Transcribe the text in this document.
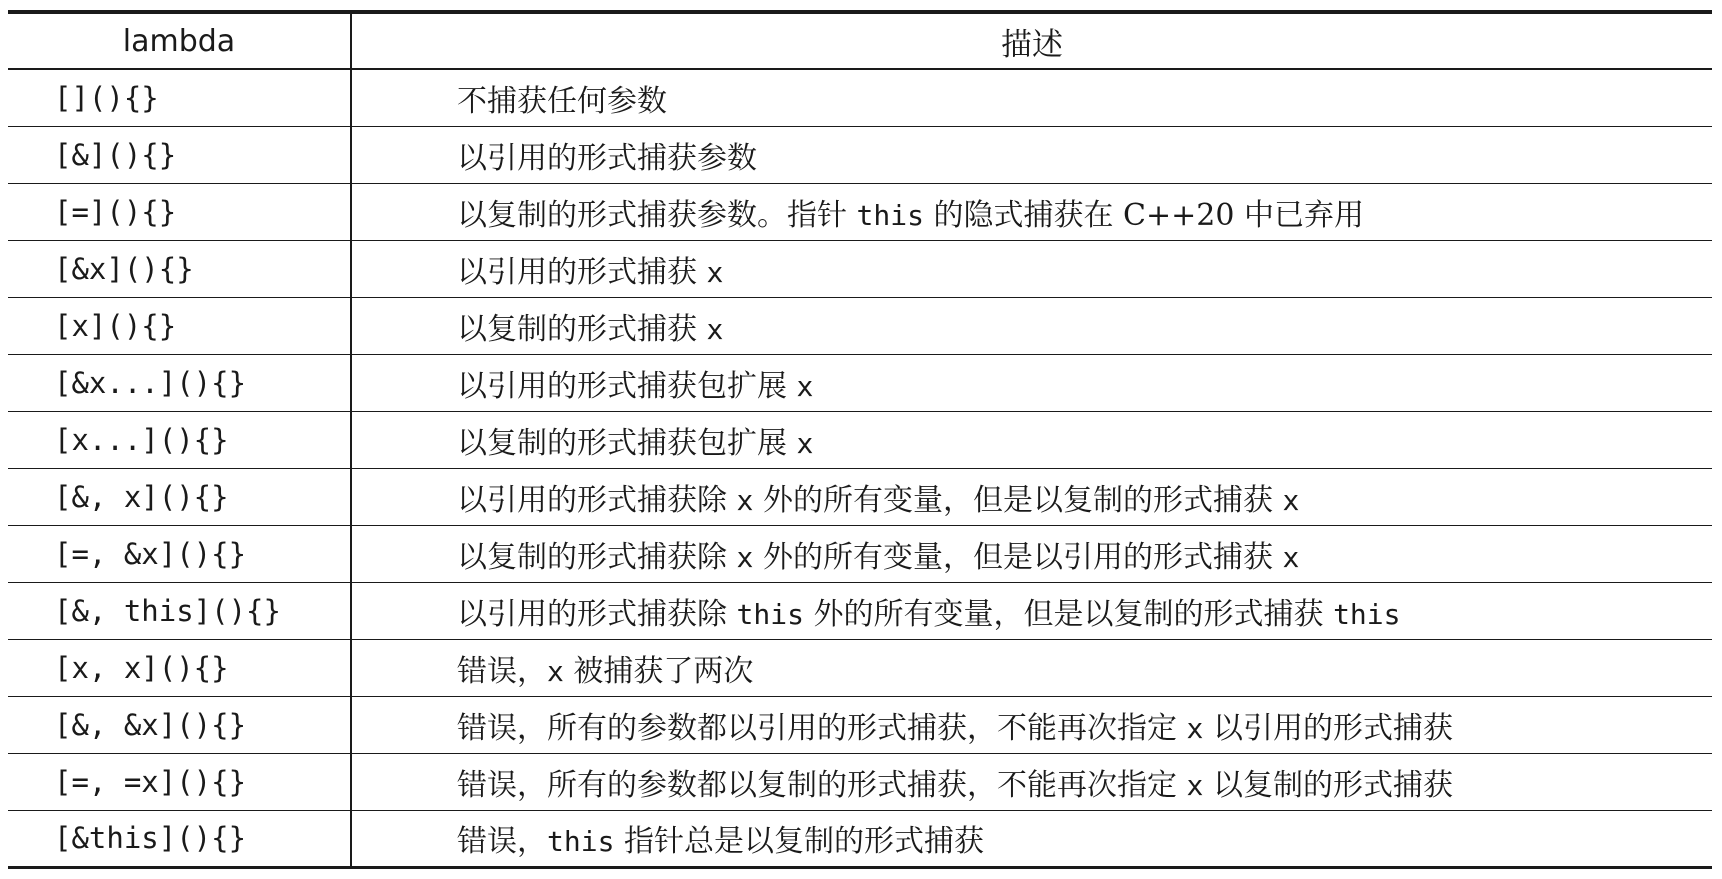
lambda	描述
[](){}	不捕获任何参数
[&](){}	以引用的形式捕获参数
[=](){}	以复制的形式捕获参数。指针 this 的隐式捕获在 C++20 中已弃用
[&x](){}	以引用的形式捕获 x
[x](){}	以复制的形式捕获 x
[&x...](){}	以引用的形式捕获包扩展 x
[x...](){}	以复制的形式捕获包扩展 x
[&, x](){}	以引用的形式捕获除 x 外的所有变量，但是以复制的形式捕获 x
[=, &x](){}	以复制的形式捕获除 x 外的所有变量，但是以引用的形式捕获 x
[&, this](){}	以引用的形式捕获除 this 外的所有变量，但是以复制的形式捕获 this
[x, x](){}	错误，x 被捕获了两次
[&, &x](){}	错误，所有的参数都以引用的形式捕获，不能再次指定 x 以引用的形式捕获
[=, =x](){}	错误，所有的参数都以复制的形式捕获，不能再次指定 x 以复制的形式捕获
[&this](){}	错误，this 指针总是以复制的形式捕获
